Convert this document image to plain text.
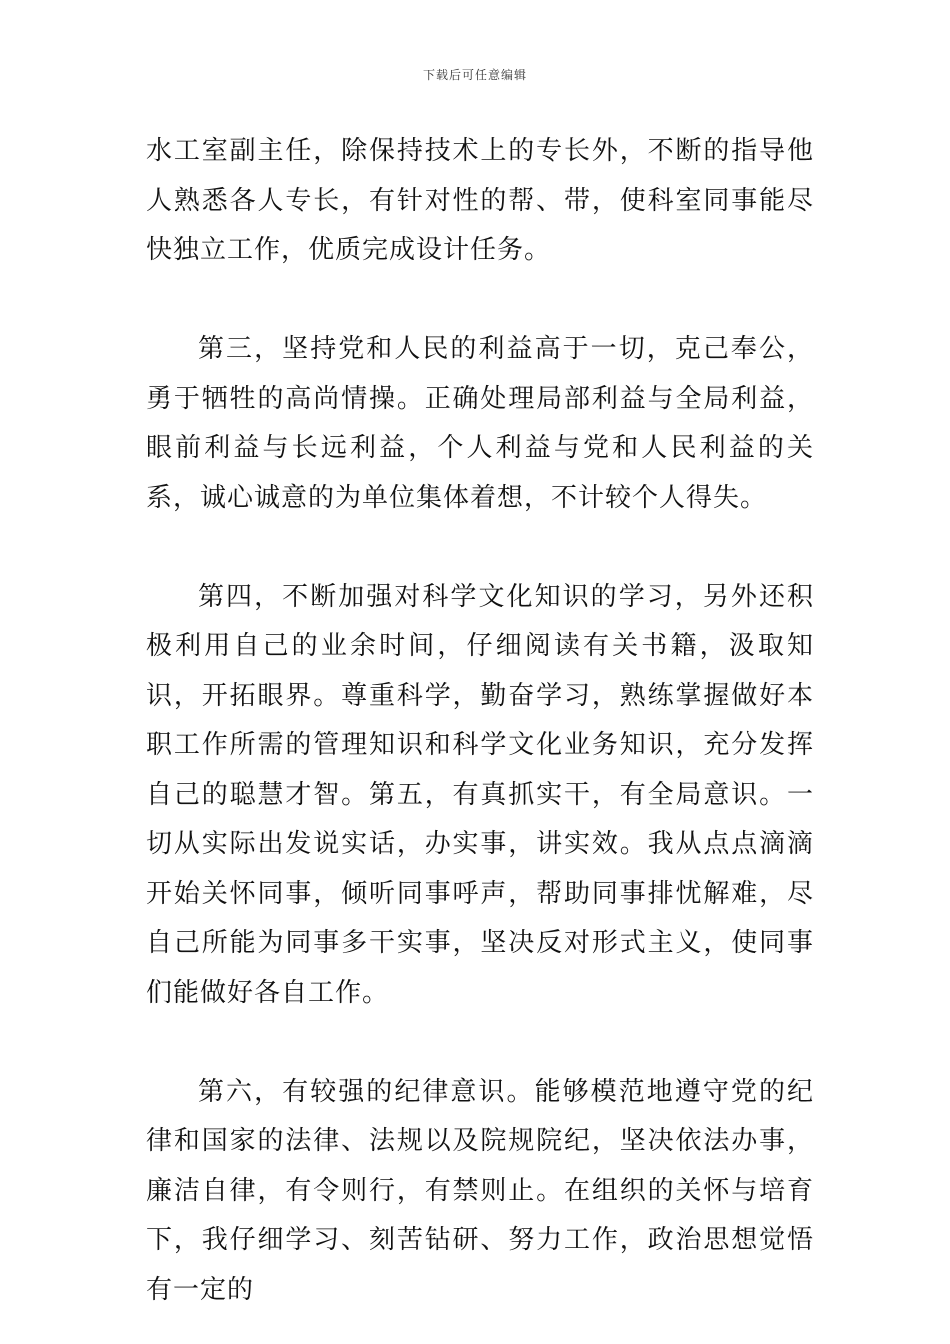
下载后可任意编辑

水工室副主任，除保持技术上的专长外，不断的指导他人熟悉各人专长，有针对性的帮、带，使科室同事能尽快独立工作，优质完成设计任务。

第三，坚持党和人民的利益高于一切，克己奉公，勇于牺牲的高尚情操。正确处理局部利益与全局利益，眼前利益与长远利益，个人利益与党和人民利益的关系，诚心诚意的为单位集体着想，不计较个人得失。

第四，不断加强对科学文化知识的学习，另外还积极利用自己的业余时间，仔细阅读有关书籍，汲取知识，开拓眼界。尊重科学，勤奋学习，熟练掌握做好本职工作所需的管理知识和科学文化业务知识，充分发挥自己的聪慧才智。第五，有真抓实干，有全局意识。一切从实际出发说实话，办实事，讲实效。我从点点滴滴开始关怀同事，倾听同事呼声，帮助同事排忧解难，尽自己所能为同事多干实事，坚决反对形式主义，使同事们能做好各自工作。

第六，有较强的纪律意识。能够模范地遵守党的纪律和国家的法律、法规以及院规院纪，坚决依法办事，廉洁自律，有令则行，有禁则止。在组织的关怀与培育下，我仔细学习、刻苦钻研、努力工作，政治思想觉悟有一定的
